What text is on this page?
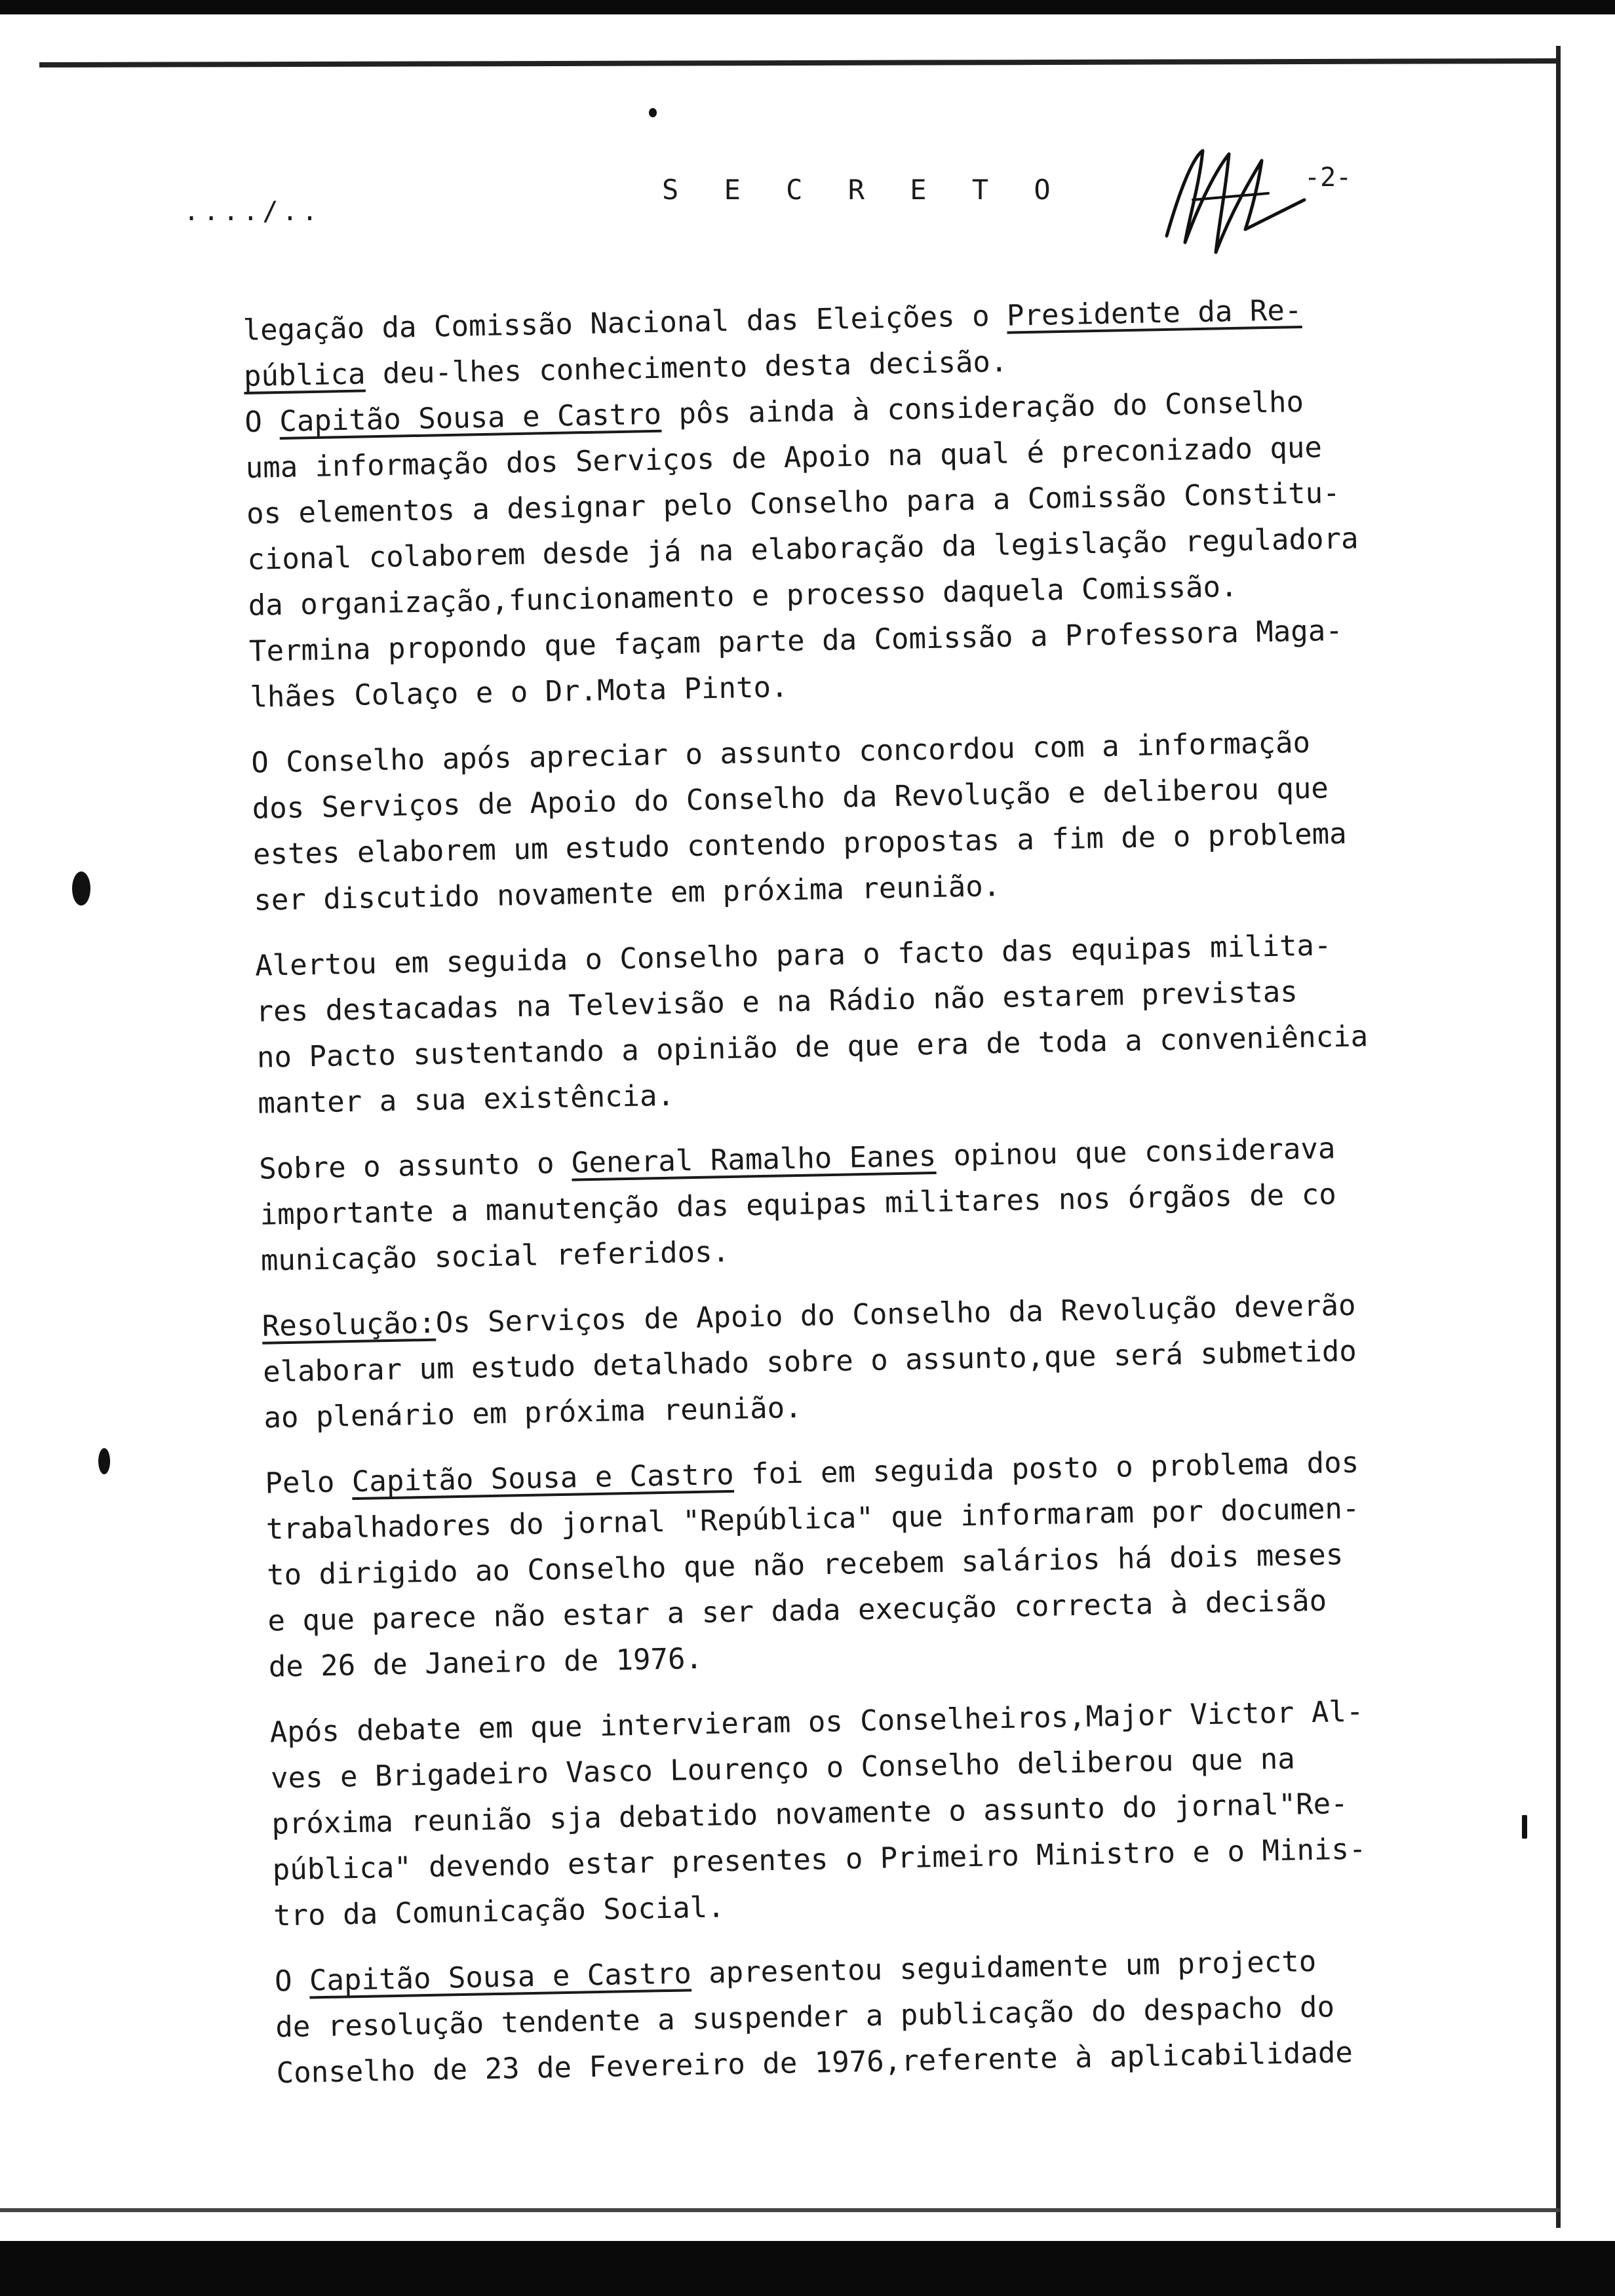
..../..
S E C R E T O	-2-
legação da Comissão Nacional das Eleições o Presidente da Re-
pública deu-lhes conhecimento desta decisão.
O Capitão Sousa e Castro pôs ainda à consideração do Conselho
uma informação dos Serviços de Apoio na qual é preconizado que
os elementos a designar pelo Conselho para a Comissão Constitu-
cional colaborem desde já na elaboração da legislação reguladora
da organização,funcionamento e processo daquela Comissão.
Termina propondo que façam parte da Comissão a Professora Maga-
lhães Colaço e o Dr.Mota Pinto.
O Conselho após apreciar o assunto concordou com a informação
dos Serviços de Apoio do Conselho da Revolução e deliberou que
estes elaborem um estudo contendo propostas a fim de o problema
ser discutido novamente em próxima reunião.
Alertou em seguida o Conselho para o facto das equipas milita-
res destacadas na Televisão e na Rádio não estarem previstas
no Pacto sustentando a opinião de que era de toda a conveniência
manter a sua existência.
Sobre o assunto o General Ramalho Eanes opinou que considerava
importante a manutenção das equipas militares nos órgãos de co
municação social referidos.
Resolução:Os Serviços de Apoio do Conselho da Revolução deverão
elaborar um estudo detalhado sobre o assunto,que será submetido
ao plenário em próxima reunião.
Pelo Capitão Sousa e Castro foi em seguida posto o problema dos
trabalhadores do jornal "República" que informaram por documen-
to dirigido ao Conselho que não recebem salários há dois meses
e que parece não estar a ser dada execução correcta à decisão
de 26 de Janeiro de 1976.
Após debate em que intervieram os Conselheiros,Major Victor Al-
ves e Brigadeiro Vasco Lourenço o Conselho deliberou que na
próxima reunião sja debatido novamente o assunto do jornal"Re-
pública" devendo estar presentes o Primeiro Ministro e o Minis-
tro da Comunicação Social.
O Capitão Sousa e Castro apresentou seguidamente um projecto
de resolução tendente a suspender a publicação do despacho do
Conselho de 23 de Fevereiro de 1976,referente à aplicabilidade
